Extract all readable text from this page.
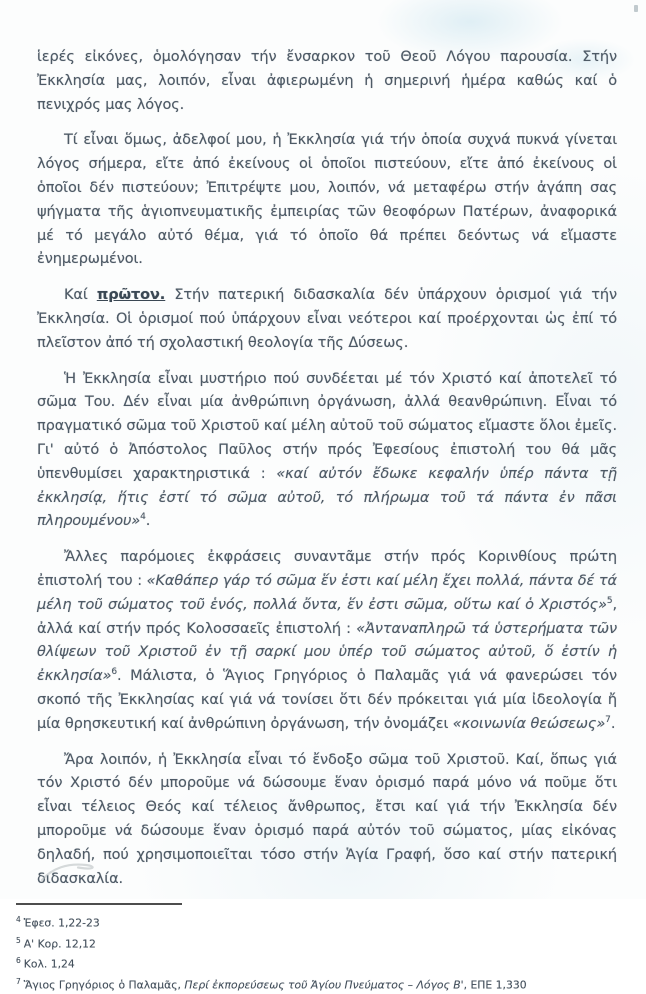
ἱερές εἰκόνες, ὁμολόγησαν τήν ἔνσαρκον τοῦ Θεοῦ Λόγου παρουσία. Στήν Ἐκκλησία μας, λοιπόν, εἶναι ἀφιερωμένη ἡ σημερινή ἡμέρα καθώς καί ὁ πενιχρός μας λόγος.

Τί εἶναι ὅμως, ἀδελφοί μου, ἡ Ἐκκλησία γιά τήν ὁποία συχνά πυκνά γίνεται λόγος σήμερα, εἴτε ἀπό ἐκείνους οἱ ὁποῖοι πιστεύουν, εἴτε ἀπό ἐκείνους οἱ ὁποῖοι δέν πιστεύουν; Ἐπιτρέψτε μου, λοιπόν, νά μεταφέρω στήν ἀγάπη σας ψήγματα τῆς ἁγιοπνευματικῆς ἐμπειρίας τῶν θεοφόρων Πατέρων, ἀναφορικά μέ τό μεγάλο αὐτό θέμα, γιά τό ὁποῖο θά πρέπει δεόντως νά εἴμαστε ἐνημερωμένοι.

Καί πρῶτον. Στήν πατερική διδασκαλία δέν ὑπάρχουν ὁρισμοί γιά τήν Ἐκκλησία. Οἱ ὁρισμοί πού ὑπάρχουν εἶναι νεότεροι καί προέρχονται ὡς ἐπί τό πλεῖστον ἀπό τή σχολαστική θεολογία τῆς Δύσεως.

Ἡ Ἐκκλησία εἶναι μυστήριο πού συνδέεται μέ τόν Χριστό καί ἀποτελεῖ τό σῶμα Του. Δέν εἶναι μία ἀνθρώπινη ὀργάνωση, ἀλλά θεανθρώπινη. Εἶναι τό πραγματικό σῶμα τοῦ Χριστοῦ καί μέλη αὐτοῦ τοῦ σώματος εἴμαστε ὅλοι ἐμεῖς. Γι' αὐτό ὁ Ἀπόστολος Παῦλος στήν πρός Ἐφεσίους ἐπιστολή του θά μᾶς ὑπενθυμίσει χαρακτηριστικά : «καί αὐτόν ἔδωκε κεφαλήν ὑπέρ πάντα τῇ ἐκκλησίᾳ, ἥτις ἐστί τό σῶμα αὐτοῦ, τό πλήρωμα τοῦ τά πάντα ἐν πᾶσι πληρουμένου»$^4$.

Ἄλλες παρόμοιες ἐκφράσεις συναντᾶμε στήν πρός Κορινθίους πρώτη ἐπιστολή του : «Καθάπερ γάρ τό σῶμα ἕν ἐστι καί μέλη ἔχει πολλά, πάντα δέ τά μέλη τοῦ σώματος τοῦ ἑνός, πολλά ὄντα, ἕν ἐστι σῶμα, οὕτω καί ὁ Χριστός»$^5$, ἀλλά καί στήν πρός Κολοσσαεῖς ἐπιστολή : «Ἀνταναπληρῶ τά ὑστερήματα τῶν θλίψεων τοῦ Χριστοῦ ἐν τῇ σαρκί μου ὑπέρ τοῦ σώματος αὐτοῦ, ὅ ἐστίν ἡ ἐκκλησία»$^6$. Μάλιστα, ὁ Ἅγιος Γρηγόριος ὁ Παλαμᾶς γιά νά φανερώσει τόν σκοπό τῆς Ἐκκλησίας καί γιά νά τονίσει ὅτι δέν πρόκειται γιά μία ἰδεολογία ἤ μία θρησκευτική καί ἀνθρώπινη ὀργάνωση, τήν ὀνομάζει «κοινωνία θεώσεως»$^7$.

Ἄρα λοιπόν, ἡ Ἐκκλησία εἶναι τό ἔνδοξο σῶμα τοῦ Χριστοῦ. Καί, ὅπως γιά τόν Χριστό δέν μποροῦμε νά δώσουμε ἕναν ὁρισμό παρά μόνο νά ποῦμε ὅτι εἶναι τέλειος Θεός καί τέλειος ἄνθρωπος, ἔτσι καί γιά τήν Ἐκκλησία δέν μποροῦμε νά δώσουμε ἕναν ὁρισμό παρά αὐτόν τοῦ σώματος, μίας εἰκόνας δηλαδή, πού χρησιμοποιεῖται τόσο στήν Ἁγία Γραφή, ὅσο καί στήν πατερική διδασκαλία.

$^4$ Ἐφεσ. 1,22-23
$^5$ Α' Κορ. 12,12
$^6$ Κολ. 1,24
$^7$ Ἅγιος Γρηγόριος ὁ Παλαμᾶς, Περί ἐκπορεύσεως τοῦ Ἁγίου Πνεύματος – Λόγος Β', ΕΠΕ 1,330
